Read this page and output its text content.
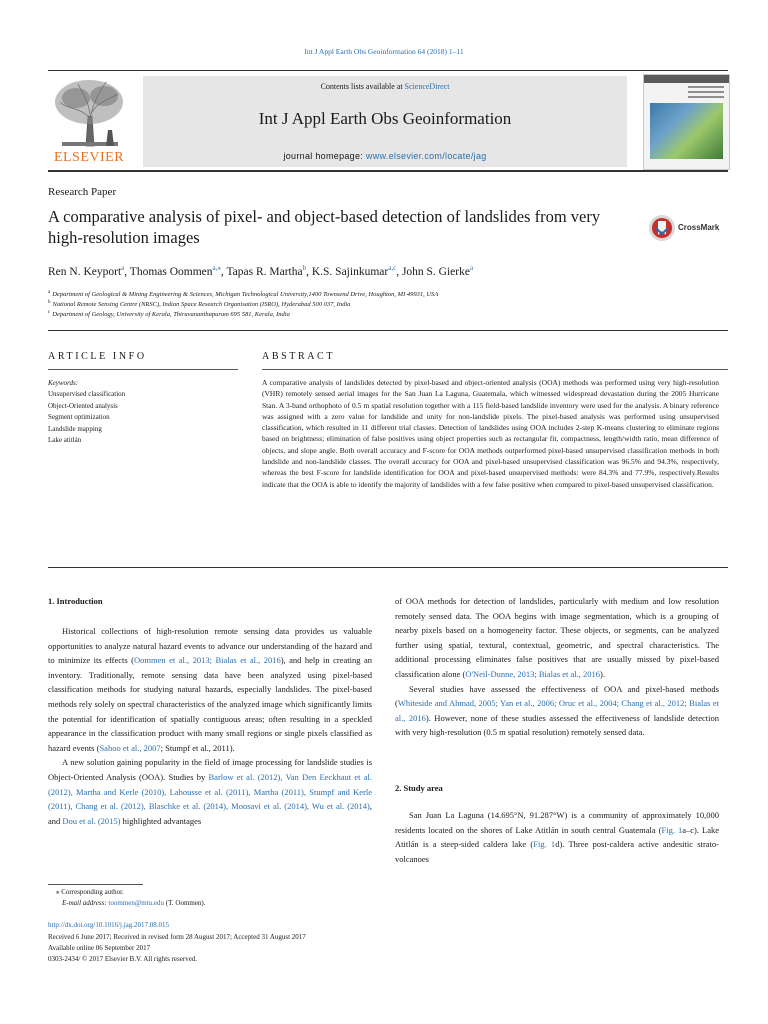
Int J Appl Earth Obs Geoinformation 64 (2018) 1–11
ELSEVIER
Contents lists available at ScienceDirect
Int J Appl Earth Obs Geoinformation
journal homepage: www.elsevier.com/locate/jag
Research Paper
A comparative analysis of pixel- and object-based detection of landslides from very high-resolution images
CrossMark
Ren N. Keyport$^a$, Thomas Oommen$^{a,⁎}$, Tapas R. Martha$^b$, K.S. Sajinkumar$^{a,c}$, John S. Gierke$^a$
$^a$ Department of Geological & Mining Engineering & Sciences, Michigan Technological University,1400 Townsend Drive, Houghton, MI 49931, USA
$^b$ National Remote Sensing Centre (NRSC), Indian Space Research Organisation (ISRO), Hyderabad 500 037, India
$^c$ Department of Geology, University of Kerala, Thiruvananthapuram 695 581, Kerala, India
ARTICLE INFO
Keywords:
Unsupervised classification
Object-Oriented analysis
Segment optimization
Landslide mapping
Lake atitlán
ABSTRACT
A comparative analysis of landslides detected by pixel-based and object-oriented analysis (OOA) methods was performed using very high-resolution (VHR) remotely sensed aerial images for the San Juan La Laguna, Guatemala, which witnessed widespread devastation during the 2005 Hurricane Stan. A 3-band orthophoto of 0.5 m spatial resolution together with a 115 field-based landslide inventory were used for the analysis. A binary reference was assigned with a zero value for landslide and unity for non-landslide pixels. The pixel-based analysis was performed using unsupervised classification, which resulted in 11 different trial classes. Detection of landslides using OOA includes 2-step K-means clustering to eliminate regions based on brightness; elimination of false positives using object properties such as rectangular fit, compactness, length/width ratio, mean difference of objects, and slope angle. Both overall accuracy and F-score for OOA methods outperformed pixel-based unsupervised classification methods in both landslide and non-landslide classes. The overall accuracy for OOA and pixel-based unsupervised classification was 96.5% and 94.3%, respectively, whereas the best F-score for landslide identification for OOA and pixel-based unsupervised methods: were 84.3% and 77.9%, respectively.Results indicate that the OOA is able to identify the majority of landslides with a few false positive when compared to pixel-based unsupervised classification.
1. Introduction

Historical collections of high-resolution remote sensing data provides us valuable opportunities to analyze natural hazard events to advance our understanding of the hazard and to minimize its effects (Oommen et al., 2013; Bialas et al., 2016), and help in creating an inventory. Traditionally, remote sensing data have been analyzed using pixel-based classification methods for studying natural hazards, especially landslides. The pixel-based methods rely solely on spectral characteristics of the analyzed image which significantly limits the potential for identification of spatially contiguous areas; often resulting in a speckled appearance in the classification product with many small regions or single pixels classified as hazard events (Sahoo et al., 2007; Stumpf et al., 2011).

A new solution gaining popularity in the field of image processing for landslide studies is Object-Oriented Analysis (OOA). Studies by Barlow et al. (2012), Van Den Eeckhaut et al. (2012), Martha and Kerle (2010), Lahousse et al. (2011), Martha (2011), Stumpf and Kerle (2011), Chang et al. (2012), Blaschke et al. (2014), Moosavi et al. (2014), Wu et al. (2014), and Dou et al. (2015) highlighted advantages

of OOA methods for detection of landslides, particularly with medium and low resolution remotely sensed data. The OOA begins with image segmentation, which is a grouping of nearby pixels based on a homogeneity factor. These objects, or segments, can be analyzed further using spatial, textural, contextual, geometric, and spectral characteristics. The additional processing eliminates false positives that are usually missed by pixel-based classification alone (O'Neil-Dunne, 2013; Bialas et al., 2016).

Several studies have assessed the effectiveness of OOA and pixel-based methods (Whiteside and Ahmad, 2005; Yan et al., 2006; Oruc et al., 2004; Chang et al., 2012; Bialas et al., 2016). However, none of these studies assessed the effectiveness of landslide detection with very high-resolution (0.5 m spatial resolution) remotely sensed data.

2. Study area

San Juan La Laguna (14.695°N, 91.287°W) is a community of approximately 10,000 residents located on the shores of Lake Atitlán in south central Guatemala (Fig. 1a–c). Lake Atitlán is a steep-sided caldera lake (Fig. 1d). Three post-caldera active andesitic strato-volcanoes

⁎ Corresponding author.
E-mail address: toommen@mtu.edu (T. Oommen).
http://dx.doi.org/10.1016/j.jag.2017.08.015
Received 6 June 2017; Received in revised form 28 August 2017; Accepted 31 August 2017
Available online 06 September 2017
0303-2434/ © 2017 Elsevier B.V. All rights reserved.
